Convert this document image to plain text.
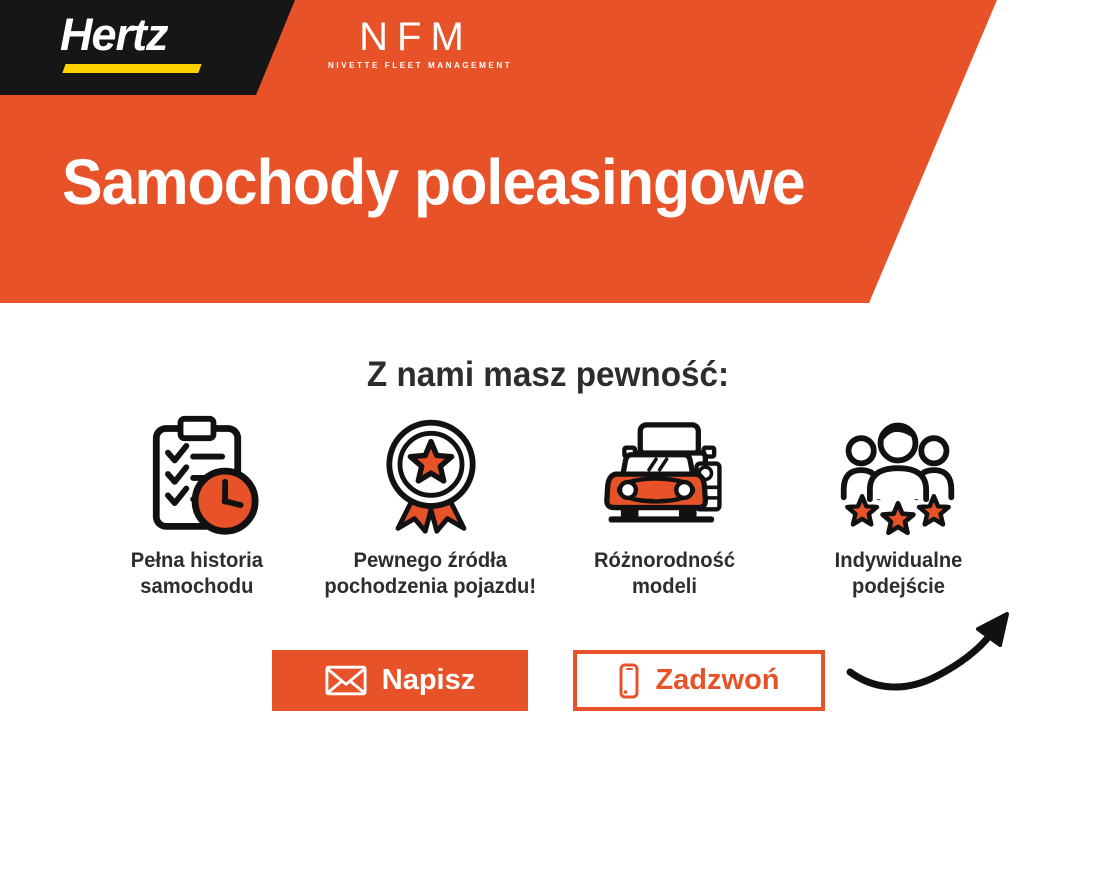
Hertz	NFM
NIVETTE FLEET MANAGEMENT
Samochody poleasingowe
Z nami masz pewność:
Pełna historia
samochodu
Pewnego źródła
pochodzenia pojazdu!
Różnorodność
modeli
Indywidualne
podejście
Napisz	Zadzwoń
